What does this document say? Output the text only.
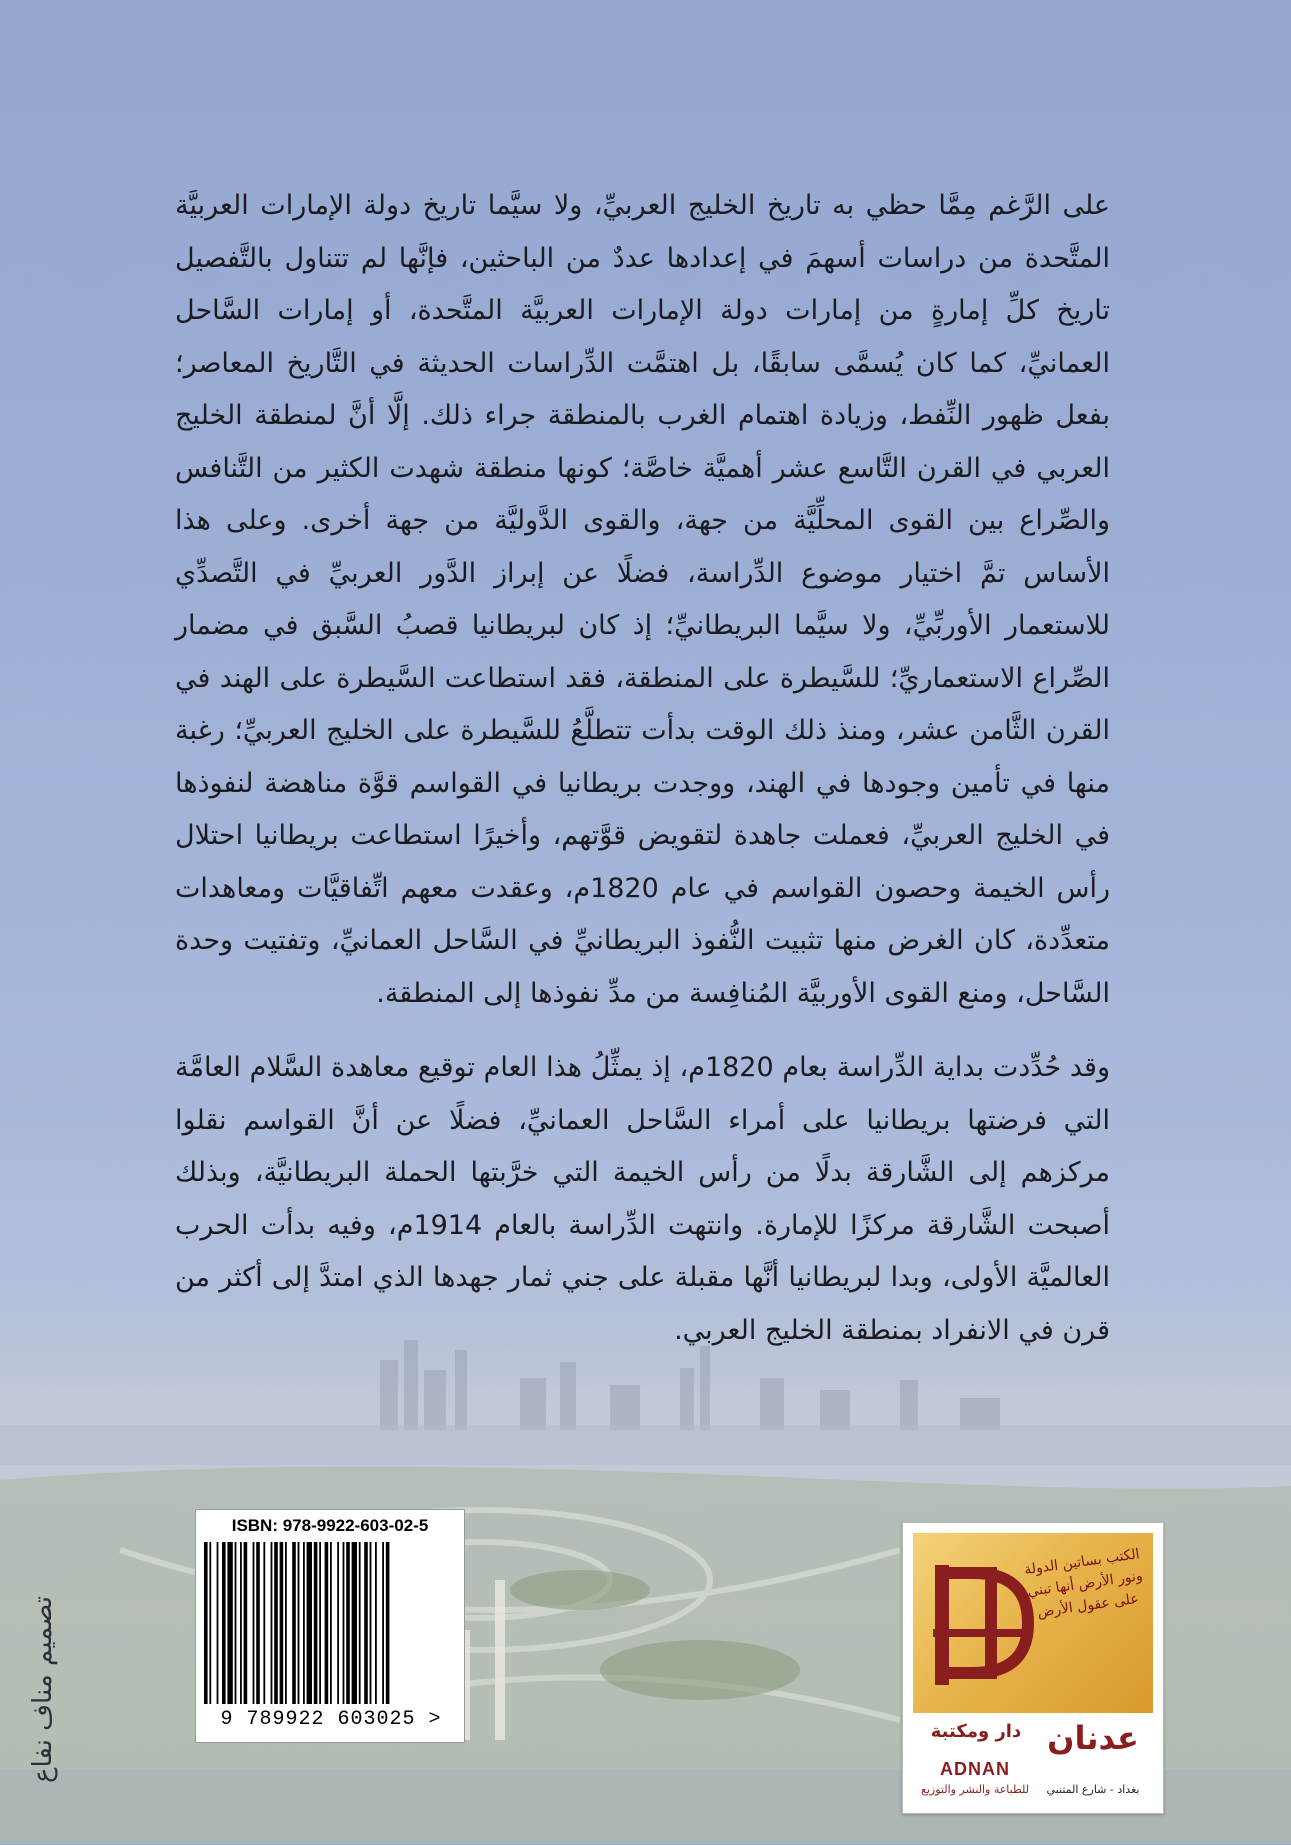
على الرَّغم مِمَّا حظي به تاريخ الخليج العربيِّ، ولا سيَّما تاريخ دولة الإمارات العربيَّة المتَّحدة من دراسات أسهمَ في إعدادها عددٌ من الباحثين، فإنَّها لم تتناول بالتَّفصيل تاريخ كلِّ إمارةٍ من إمارات دولة الإمارات العربيَّة المتَّحدة، أو إمارات السَّاحل العمانيِّ، كما كان يُسمَّى سابقًا، بل اهتمَّت الدِّراسات الحديثة في التَّاريخ المعاصر؛ بفعل ظهور النِّفط، وزيادة اهتمام الغرب بالمنطقة جراء ذلك. إلَّا أنَّ لمنطقة الخليج العربي في القرن التَّاسع عشر أهميَّة خاصَّة؛ كونها منطقة شهدت الكثير من التَّنافس والصِّراع بين القوى المحلِّيَّة من جهة، والقوى الدَّوليَّة من جهة أخرى. وعلى هذا الأساس تمَّ اختيار موضوع الدِّراسة، فضلًا عن إبراز الدَّور العربيِّ في التَّصدِّي للاستعمار الأوربِّيِّ، ولا سيَّما البريطانيِّ؛ إذ كان لبريطانيا قصبُ السَّبق في مضمار الصِّراع الاستعماريِّ؛ للسَّيطرة على المنطقة، فقد استطاعت السَّيطرة على الهند في القرن الثَّامن عشر، ومنذ ذلك الوقت بدأت تتطلَّعُ للسَّيطرة على الخليج العربيِّ؛ رغبة منها في تأمين وجودها في الهند، ووجدت بريطانيا في القواسم قوَّة مناهضة لنفوذها في الخليج العربيِّ، فعملت جاهدة لتقويض قوَّتهم، وأخيرًا استطاعت بريطانيا احتلال رأس الخيمة وحصون القواسم في عام 1820م، وعقدت معهم اتِّفاقيَّات ومعاهدات متعدِّدة، كان الغرض منها تثبيت النُّفوذ البريطانيِّ في السَّاحل العمانيِّ، وتفتيت وحدة السَّاحل، ومنع القوى الأوربيَّة المُنافِسة من مدِّ نفوذها إلى المنطقة.

وقد حُدِّدت بداية الدِّراسة بعام 1820م، إذ يمثِّلُ هذا العام توقيع معاهدة السَّلام العامَّة التي فرضتها بريطانيا على أمراء السَّاحل العمانيِّ، فضلًا عن أنَّ القواسم نقلوا مركزهم إلى الشَّارقة بدلًا من رأس الخيمة التي خرَّبتها الحملة البريطانيَّة، وبذلك أصبحت الشَّارقة مركزًا للإمارة. وانتهت الدِّراسة بالعام 1914م، وفيه بدأت الحرب العالميَّة الأولى، وبدا لبريطانيا أنَّها مقبلة على جني ثمار جهدها الذي امتدَّ إلى أكثر من قرن في الانفراد بمنطقة الخليج العربي.

تصميم مناف نفاع
ISBN: 978-9922-603-02-5
9 789922 603025 >
الكتب بساتين الدولة ونور الأرض أنها تبني على عقول الأرض
دار ومكتبة
ADNAN
للطباعة والنشر والتوزيع
عدنان
بغداد - شارع المتنبي
